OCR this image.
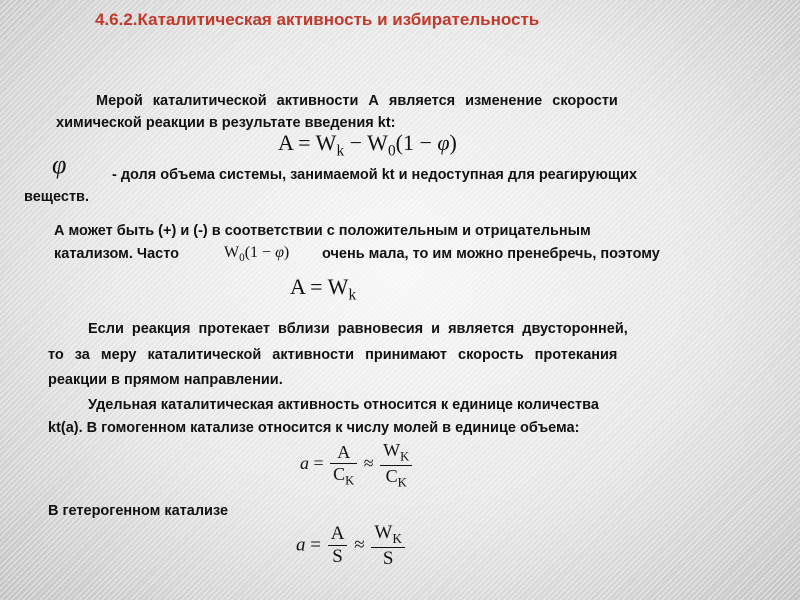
4.6.2.Каталитическая активность и избирательность
Мерой каталитической активности А является изменение скорости
химической реакции в результате введения kt:
$A = W_k - W_0(1 - \varphi)$
φ	- доля объема системы, занимаемой kt и недоступная для реагирующих
веществ.
А может быть (+) и (-) в соответствии с положительным и отрицательным
катализом. Часто	$W_0(1 - \varphi)$ очень мала, то им можно пренебречь, поэтому
$A = W_k$
Если реакция протекает вблизи равновесия и является двусторонней,
то за меру каталитической активности принимают скорость протекания
реакции в прямом направлении.
Удельная каталитическая активность относится к единице количества
kt(a). В гомогенном катализе относится к числу молей в единице объема:
$a = \frac{A}{C_K} \approx \frac{W_K}{C_K}$
В гетерогенном катализе
$a = \frac{A}{S} \approx \frac{W_K}{S}$
